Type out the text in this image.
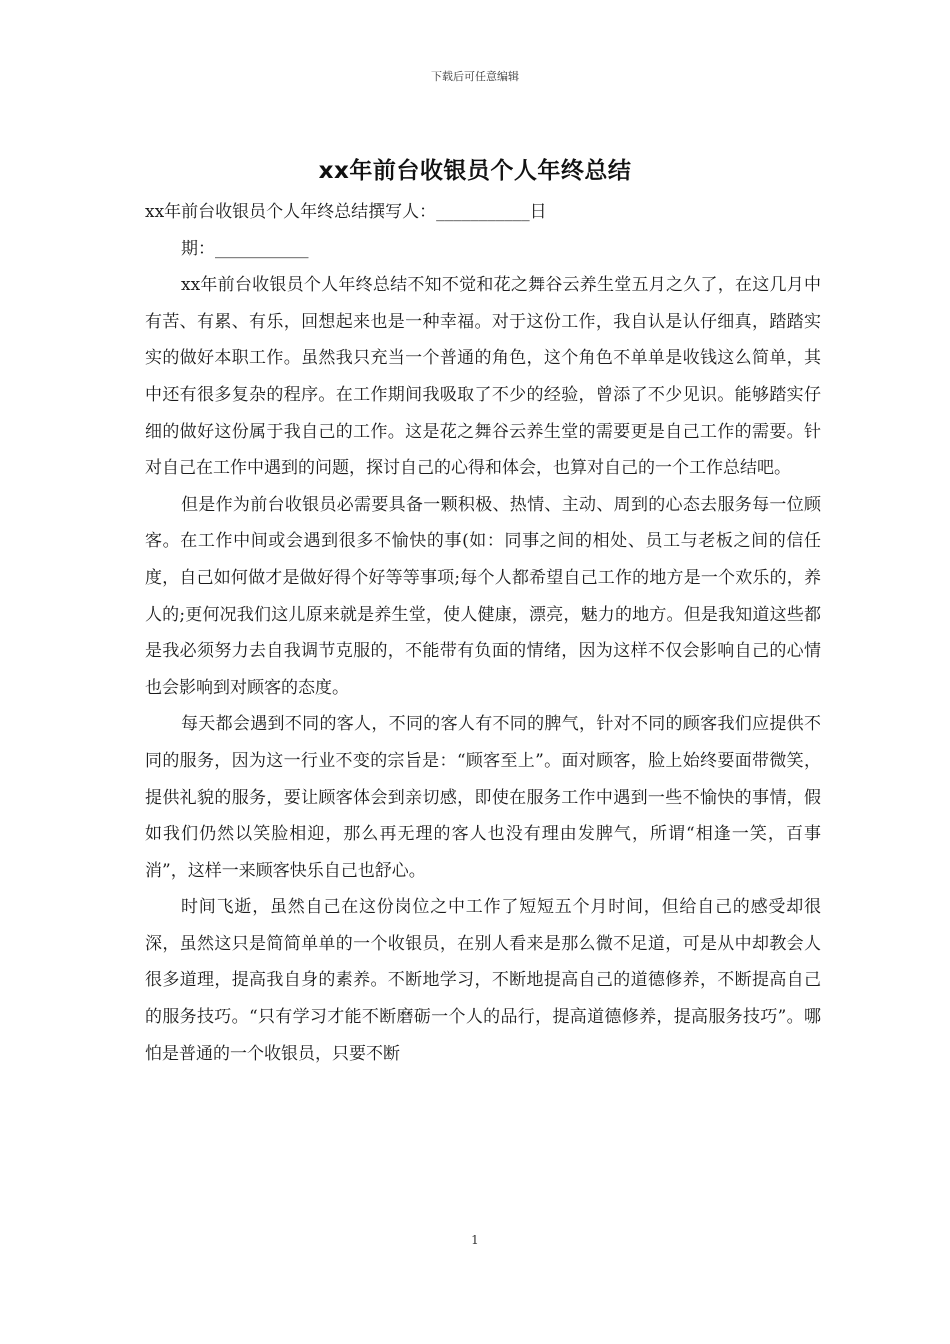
下载后可任意编辑
xx年前台收银员个人年终总结

xx年前台收银员个人年终总结撰写人：___________日

期：___________

xx年前台收银员个人年终总结不知不觉和花之舞谷云养生堂五月之久了，在这几月中有苦、有累、有乐，回想起来也是一种幸福。对于这份工作，我自认是认仔细真，踏踏实实的做好本职工作。虽然我只充当一个普通的角色，这个角色不单单是收钱这么简单，其中还有很多复杂的程序。在工作期间我吸取了不少的经验，曾添了不少见识。能够踏实仔细的做好这份属于我自己的工作。这是花之舞谷云养生堂的需要更是自己工作的需要。针对自己在工作中遇到的问题，探讨自己的心得和体会，也算对自己的一个工作总结吧。

但是作为前台收银员必需要具备一颗积极、热情、主动、周到的心态去服务每一位顾客。在工作中间或会遇到很多不愉快的事(如：同事之间的相处、员工与老板之间的信任度，自己如何做才是做好得个好等等事项;每个人都希望自己工作的地方是一个欢乐的，养人的;更何况我们这儿原来就是养生堂，使人健康，漂亮，魅力的地方。但是我知道这些都是我必须努力去自我调节克服的，不能带有负面的情绪，因为这样不仅会影响自己的心情也会影响到对顾客的态度。

每天都会遇到不同的客人，不同的客人有不同的脾气，针对不同的顾客我们应提供不同的服务，因为这一行业不变的宗旨是：“顾客至上”。面对顾客，脸上始终要面带微笑，提供礼貌的服务，要让顾客体会到亲切感，即使在服务工作中遇到一些不愉快的事情，假如我们仍然以笑脸相迎，那么再无理的客人也没有理由发脾气，所谓“相逢一笑，百事消”，这样一来顾客快乐自己也舒心。

时间飞逝，虽然自己在这份岗位之中工作了短短五个月时间，但给自己的感受却很深，虽然这只是简简单单的一个收银员，在别人看来是那么微不足道，可是从中却教会人很多道理，提高我自身的素养。不断地学习，不断地提高自己的道德修养，不断提高自己的服务技巧。“只有学习才能不断磨砺一个人的品行，提高道德修养，提高服务技巧”。哪怕是普通的一个收银员，只要不断

1
